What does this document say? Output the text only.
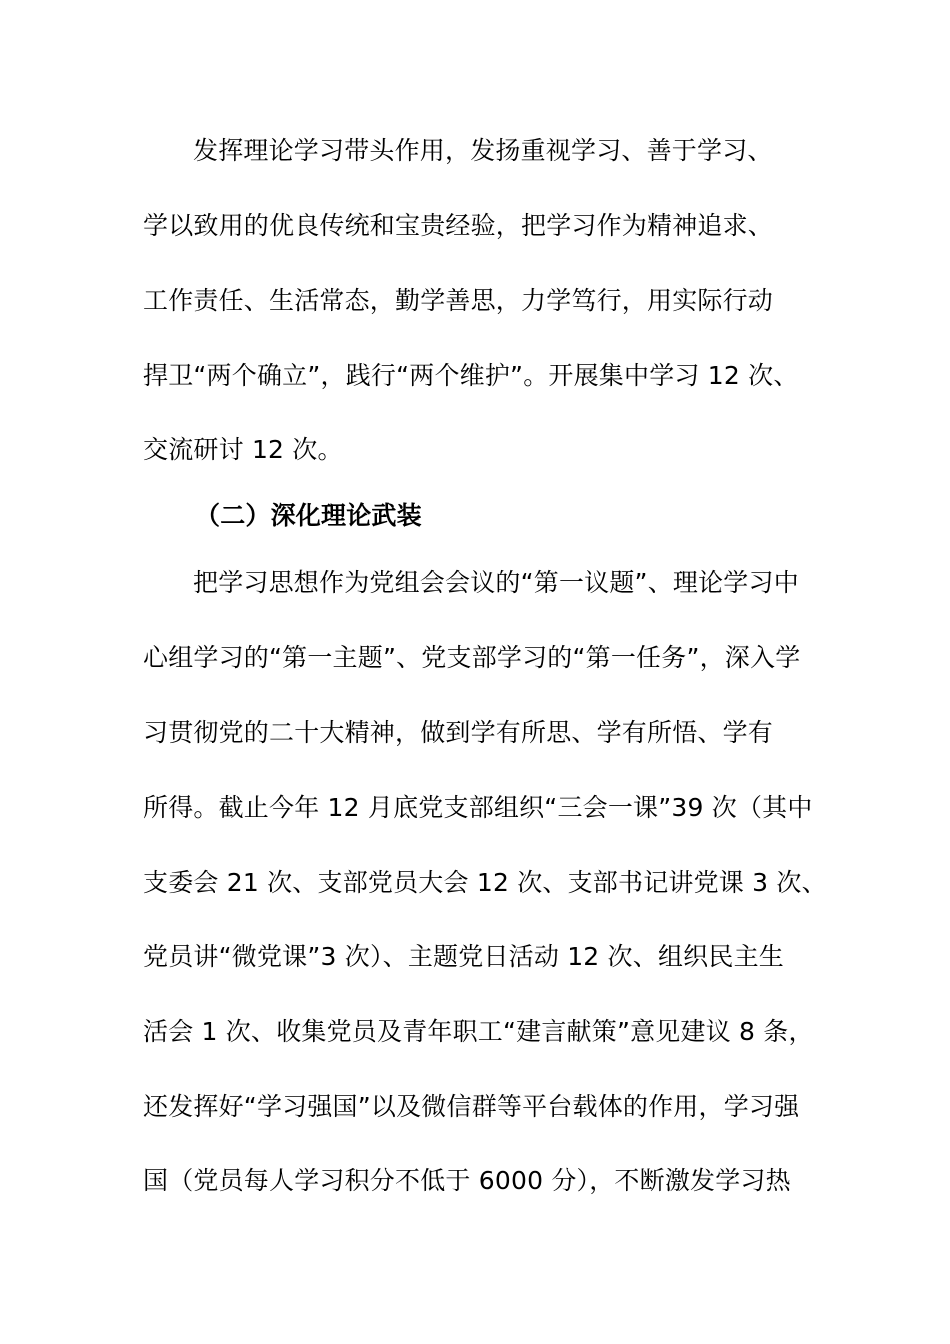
发挥理论学习带头作用，发扬重视学习、善于学习、
学以致用的优良传统和宝贵经验，把学习作为精神追求、
工作责任、生活常态，勤学善思，力学笃行，用实际行动
捍卫“两个确立”，践行“两个维护”。开展集中学习 12 次、
交流研讨 12 次。
（二）深化理论武装
把学习思想作为党组会会议的“第一议题”、理论学习中
心组学习的“第一主题”、党支部学习的“第一任务”，深入学
习贯彻党的二十大精神，做到学有所思、学有所悟、学有
所得。截止今年 12 月底党支部组织“三会一课”39 次（其中
支委会 21 次、支部党员大会 12 次、支部书记讲党课 3 次、
党员讲“微党课”3 次）、主题党日活动 12 次、组织民主生
活会 1 次、收集党员及青年职工“建言献策”意见建议 8 条，
还发挥好“学习强国”以及微信群等平台载体的作用，学习强
国（党员每人学习积分不低于 6000 分），不断激发学习热
